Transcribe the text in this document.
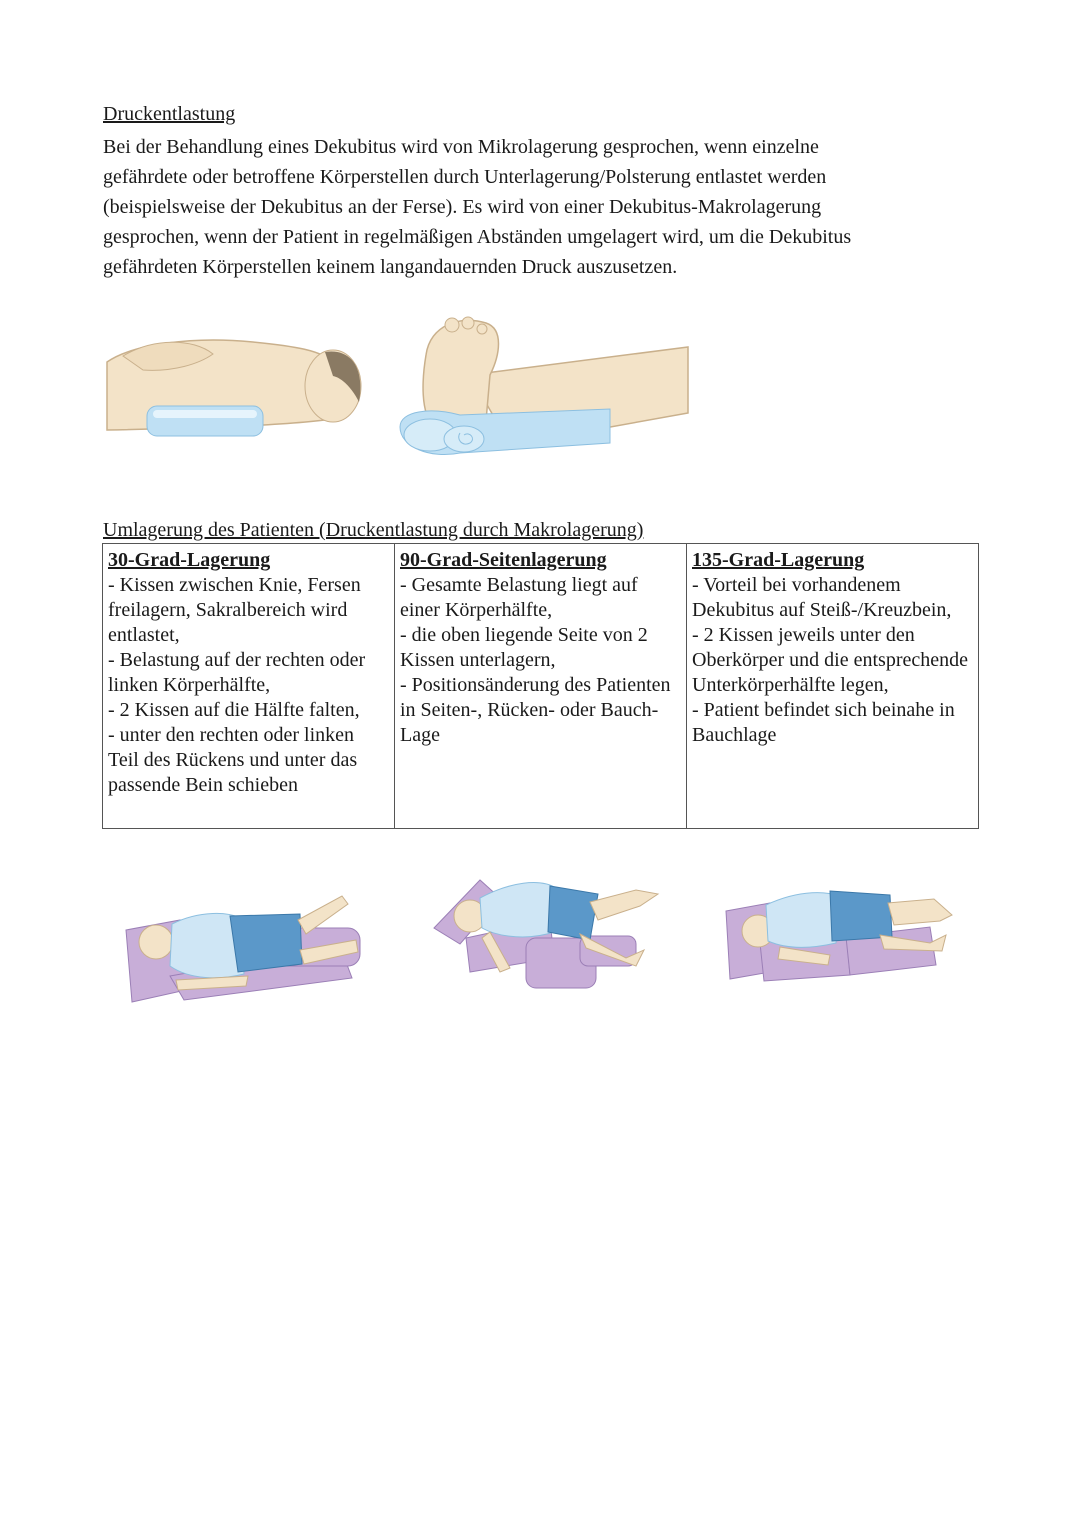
Druckentlastung

Bei der Behandlung eines Dekubitus wird von Mikrolagerung gesprochen, wenn einzelne gefährdete oder betroffene Körperstellen durch Unterlagerung/Polsterung entlastet werden (beispielsweise der Dekubitus an der Ferse). Es wird von einer Dekubitus-Makrolagerung gesprochen, wenn der Patient in regelmäßigen Abständen umgelagert wird, um die Dekubitus gefährdeten Körperstellen keinem langandauernden Druck auszusetzen.

Umlagerung des Patienten (Druckentlastung durch Makrolagerung)
30-Grad-Lagerung
- Kissen zwischen Knie, Fersen freilagern, Sakralbereich wird entlastet,
- Belastung auf der rechten oder linken Körperhälfte,
- 2 Kissen auf die Hälfte falten,
- unter den rechten oder linken Teil des Rückens und unter das passende Bein schieben

90-Grad-Seitenlagerung
- Gesamte Belastung liegt auf einer Körperhälfte,
- die oben liegende Seite von 2 Kissen unterlagern,
- Positionsänderung des Patienten in Seiten-, Rücken- oder Bauch-Lage

135-Grad-Lagerung
- Vorteil bei vorhandenem Dekubitus auf Steiß-/Kreuzbein,
- 2 Kissen jeweils unter den Oberkörper und die entsprechende Unterkörperhälfte legen,
- Patient befindet sich beinahe in Bauchlage
